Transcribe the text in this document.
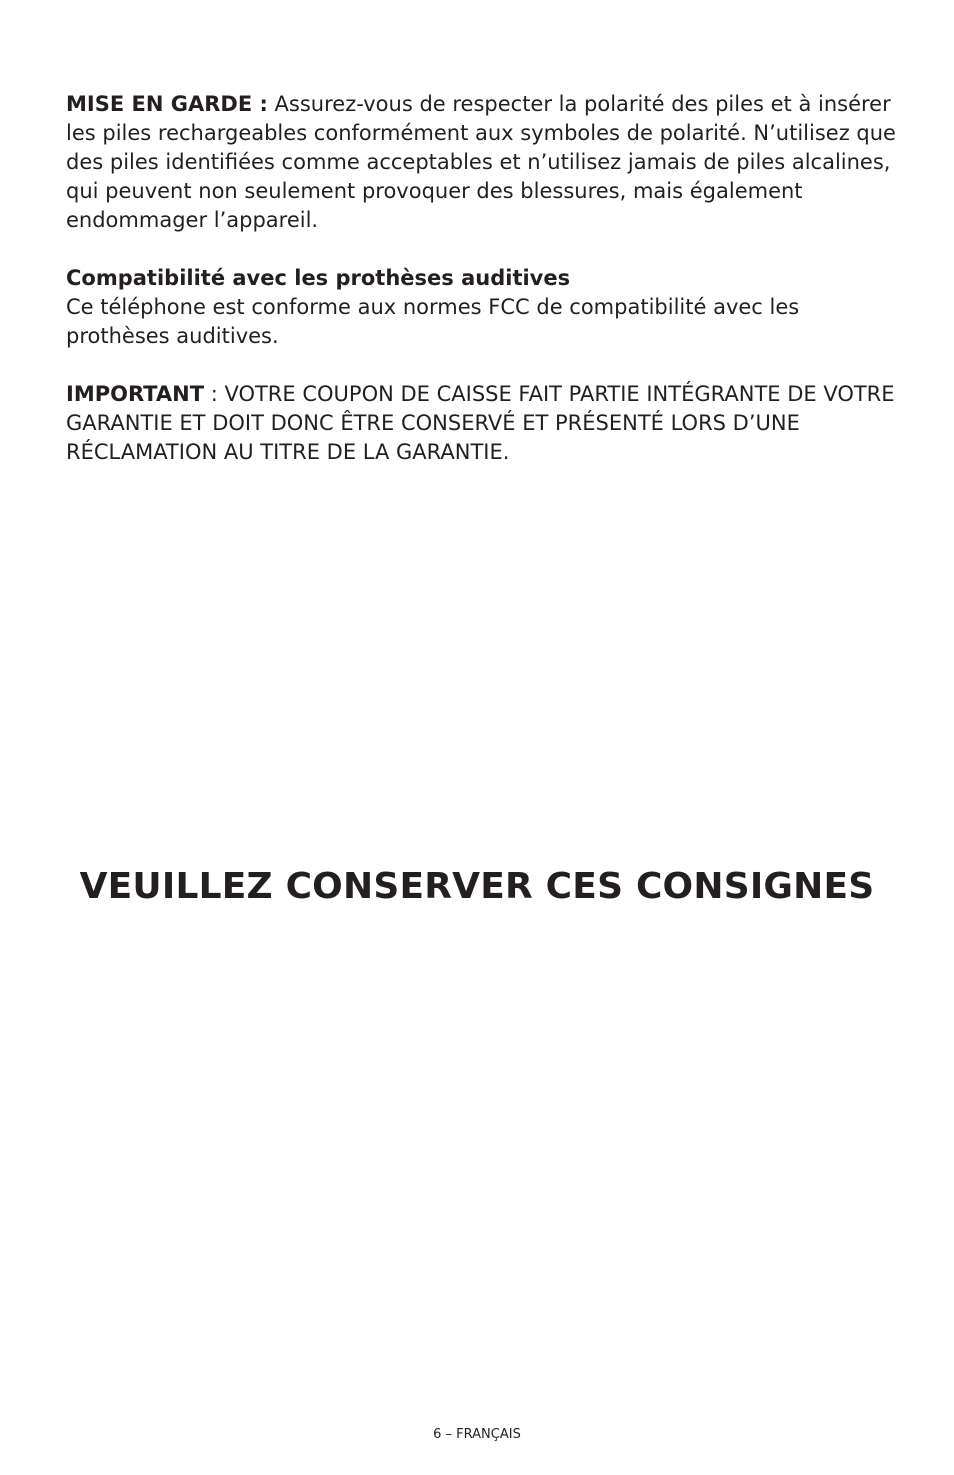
MISE EN GARDE : Assurez-vous de respecter la polarité des piles et à insérer les piles rechargeables conformément aux symboles de polarité. N’utilisez que des piles identifiées comme acceptables et n’utilisez jamais de piles alcalines, qui peuvent non seulement provoquer des blessures, mais également endommager l’appareil.

Compatibilité avec les prothèses auditives
Ce téléphone est conforme aux normes FCC de compatibilité avec les prothèses auditives.

IMPORTANT : VOTRE COUPON DE CAISSE FAIT PARTIE INTÉGRANTE DE VOTRE GARANTIE ET DOIT DONC ÊTRE CONSERVÉ ET PRÉSENTÉ LORS D’UNE RÉCLAMATION AU TITRE DE LA GARANTIE.

VEUILLEZ CONSERVER CES CONSIGNES
6 – FRANÇAIS
